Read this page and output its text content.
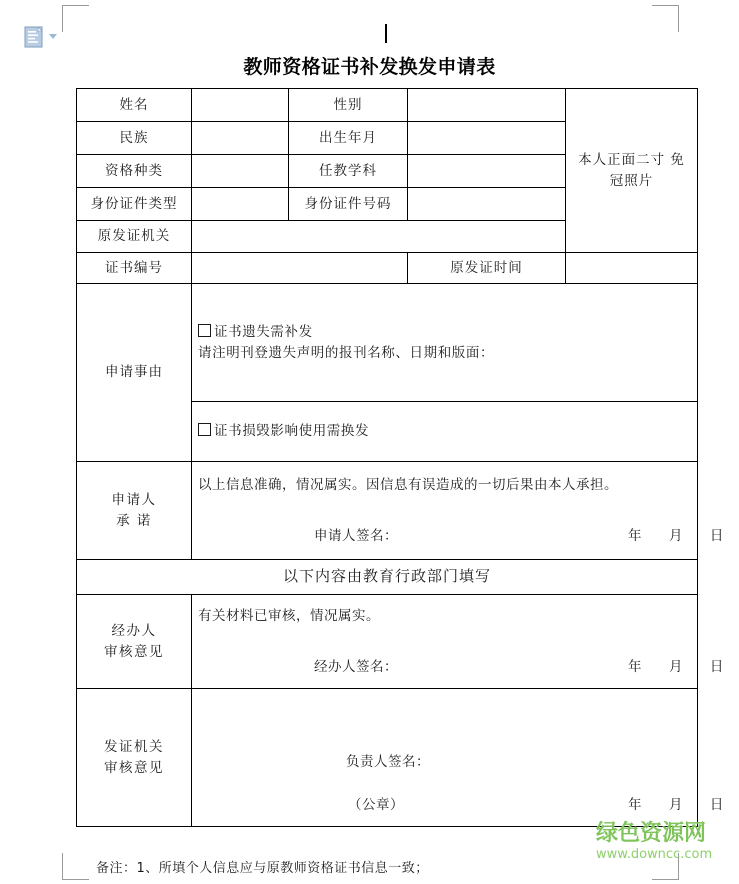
教师资格证书补发换发申请表
姓名		性别		本人正面二寸 免冠照片
民族		出生年月		
资格种类		任教学科		
身份证件类型		身份证件号码		
原发证机关				
证书编号			原发证时间	
申请事由	证书遗失需补发
请注明刊登遗失声明的报刊名称、日期和版面：			

	证书损毁影响使用需换发			

申请人
承 诺	以上信息准确，情况属实。因信息有误造成的一切后果由本人承担。
申请人签名： 年     月     日			

以下内容由教育行政部门填写				

经办人
审核意见	有关材料已审核，情况属实。
经办人签名： 年     月     日			

发证机关
审核意见	负责人签名：
（公章） 年     月     日			
备注：1、所填个人信息应与原教师资格证书信息一致；
绿色资源网
www.downcc.com
